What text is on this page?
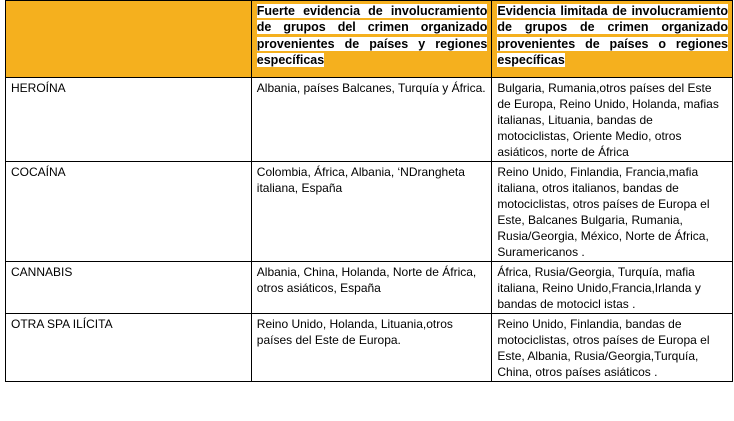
	Fuerte evidencia de involucramiento de grupos del crimen organizado provenientes de países y regiones específicas	Evidencia limitada de involucramiento de grupos de crimen organizado provenientes de países o regiones específicas
HEROÍNA	Albania, países Balcanes, Turquía y África.	Bulgaria, Rumania,otros países del Este de Europa, Reino Unido, Holanda, mafias italianas, Lituania, bandas de motociclistas, Oriente Medio, otros asiáticos, norte de África
COCAÍNA	Colombia, África, Albania, ‘NDrangheta italiana, España	Reino Unido, Finlandia, Francia,mafia italiana, otros italianos, bandas de motociclistas, otros países de Europa el Este, Balcanes Bulgaria, Rumania, Rusia/Georgia, México, Norte de África, Suramericanos .
CANNABIS	Albania, China, Holanda, Norte de África, otros asiáticos, España	África, Rusia/Georgia, Turquía, mafia italiana, Reino Unido,Francia,Irlanda y bandas de motocicl istas .
OTRA SPA ILÍCITA	Reino Unido, Holanda, Lituania,otros países del Este de Europa.	Reino Unido, Finlandia, bandas de motociclistas, otros países de Europa el Este, Albania, Rusia/Georgia,Turquía, China, otros países asiáticos .
